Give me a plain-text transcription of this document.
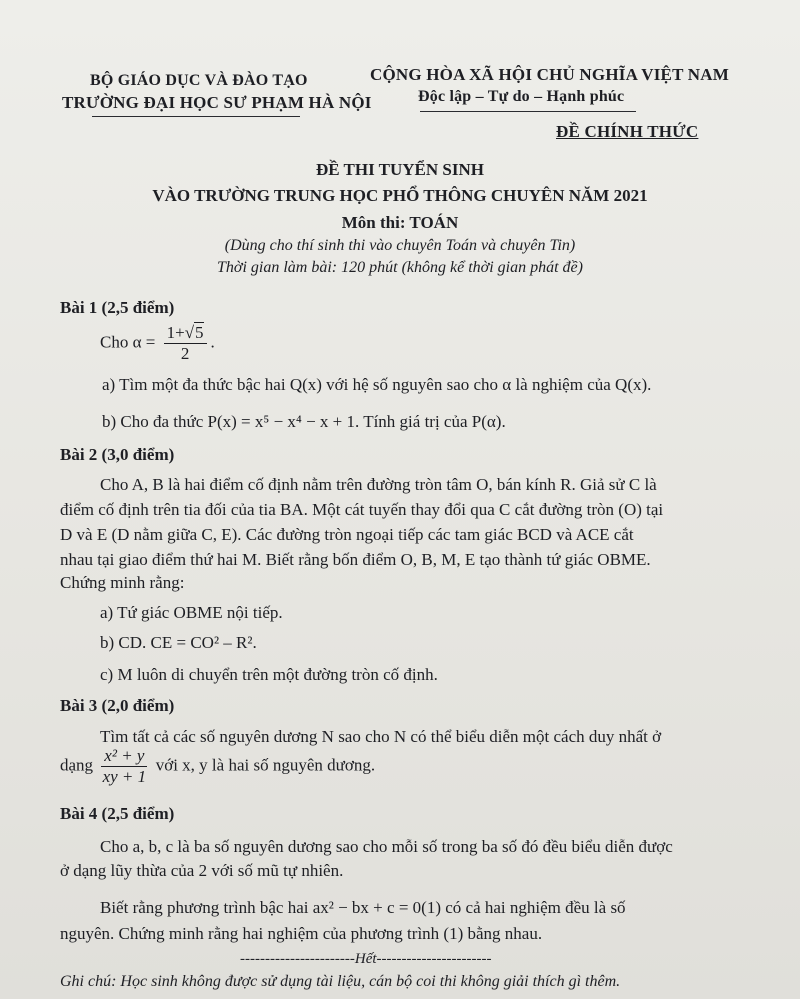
BỘ GIÁO DỤC VÀ ĐÀO TẠO
TRƯỜNG ĐẠI HỌC SƯ PHẠM HÀ NỘI
CỘNG HÒA XÃ HỘI CHỦ NGHĨA VIỆT NAM
Độc lập – Tự do – Hạnh phúc
ĐỀ CHÍNH THỨC
ĐỀ THI TUYỂN SINH
VÀO TRƯỜNG TRUNG HỌC PHỔ THÔNG CHUYÊN NĂM 2021
Môn thi: TOÁN
(Dùng cho thí sinh thi vào chuyên Toán và chuyên Tin)
Thời gian làm bài: 120 phút (không kể thời gian phát đề)
Bài 1 (2,5 điểm)
Cho $\alpha = \frac{1+√5}{2}$ .
a) Tìm một đa thức bậc hai Q(x) với hệ số nguyên sao cho α là nghiệm của Q(x).
b) Cho đa thức P(x) = x⁵ − x⁴ − x + 1. Tính giá trị của P(α).
Bài 2 (3,0 điểm)
Cho A, B là hai điểm cố định nằm trên đường tròn tâm O, bán kính R. Giả sử C là
điểm cố định trên tia đối của tia BA. Một cát tuyến thay đổi qua C cắt đường tròn (O) tại
D và E (D nằm giữa C, E). Các đường tròn ngoại tiếp các tam giác BCD và ACE cắt
nhau tại giao điểm thứ hai M. Biết rằng bốn điểm O, B, M, E tạo thành tứ giác OBME.
Chứng minh rằng:
a) Tứ giác OBME nội tiếp.
b) CD. CE = CO² – R².
c) M luôn di chuyển trên một đường tròn cố định.
Bài 3 (2,0 điểm)
Tìm tất cả các số nguyên dương N sao cho N có thể biểu diễn một cách duy nhất ở
dạng $\frac{\text{x² + y}}{xy + 1}$ với x, y là hai số nguyên dương.
Bài 4 (2,5 điểm)
Cho a, b, c là ba số nguyên dương sao cho mỗi số trong ba số đó đều biểu diễn được
ở dạng lũy thừa của 2 với số mũ tự nhiên.
Biết rằng phương trình bậc hai ax² − bx + c = 0(1) có cả hai nghiệm đều là số
nguyên. Chứng minh rằng hai nghiệm của phương trình (1) bằng nhau.
-----------------------Hết-----------------------
Ghi chú: Học sinh không được sử dụng tài liệu, cán bộ coi thi không giải thích gì thêm.
